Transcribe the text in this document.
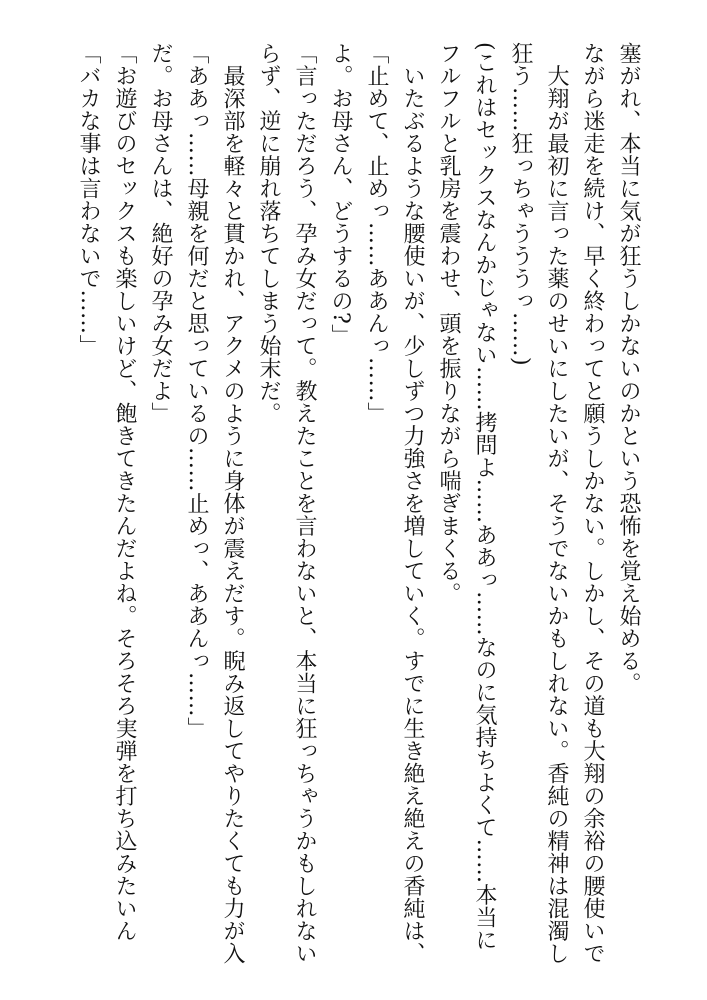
「バカな事は言わないで……」 「お遊びのセックスも楽しいけど、飽きてきたんだよね。そろそろ実弾を打ち込みたいん だ。お母さんは、絶好の孕み女だよ」 「ああっ……母親を何だと思っているの……止めっ、ああんっ……」 　最深部を軽々と貫かれ、アクメのように身体が震えだす。睨み返してやりたくても力が入 らず、逆に崩れ落ちてしまう始末だ。 「言っただろう、孕み女だって。教えたことを言わないと、本当に狂っちゃうかもしれない よ。お母さん、どうするの?」 「止めて、止めっ……ああんっ……」 　いたぶるような腰使いが、少しずつ力強さを増していく。すでに生き絶え絶えの香純は、 フルフルと乳房を震わせ、頭を振りながら喘ぎまくる。 (これはセックスなんかじゃない……拷問よ……ああっ……なのに気持ちよくて……本当に 狂う……狂っちゃうううっ……) 　大翔が最初に言った薬のせいにしたいが、そうでないかもしれない。香純の精神は混濁し ながら迷走を続け、早く終わってと願うしかない。しかし、その道も大翔の余裕の腰使いで 塞がれ、本当に気が狂うしかないのかという恐怖を覚え始める。
